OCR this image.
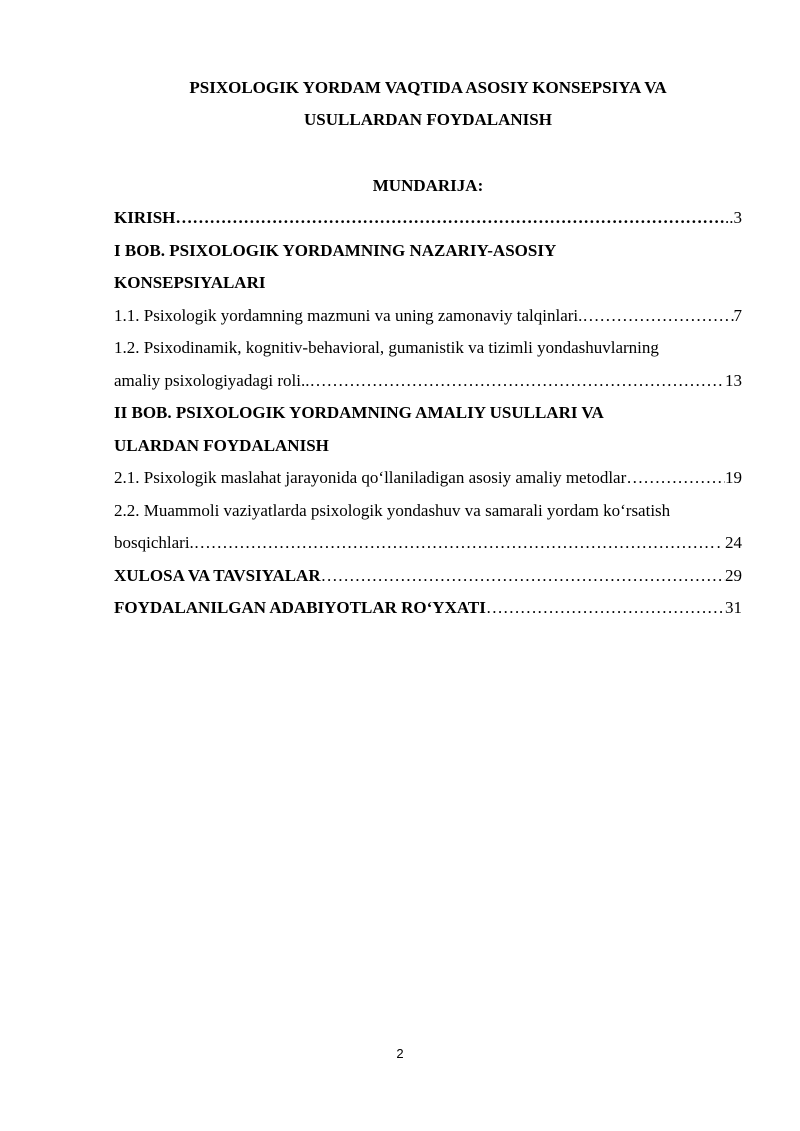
PSIXOLOGIK YORDAM VAQTIDA ASOSIY KONSEPSIYA VA

USULLARDAN FOYDALANISH

MUNDARIJA:

KIRISH ……………………………………………………………………………………………………………………………………………………………………………………	..3
I BOB. PSIXOLOGIK YORDAMNING NAZARIY-ASOSIY
KONSEPSIYALARI
1.1. Psixologik yordamning mazmuni va uning zamonaviy talqinlari. ……………………………………………………………………………………………………………………………………………………………………………………	7
1.2. Psixodinamik, kognitiv-behavioral, gumanistik va tizimli yondashuvlarning
amaliy psixologiyadagi roli.. ……………………………………………………………………………………………………………………………………………………………………………………	13
II BOB. PSIXOLOGIK YORDAMNING AMALIY USULLARI VA
ULARDAN FOYDALANISH
2.1. Psixologik maslahat jarayonida qo‘llaniladigan asosiy amaliy metodlar ……………………………………………………………………………………………………………………………………………………………………………………	19
2.2. Muammoli vaziyatlarda psixologik yondashuv va samarali yordam ko‘rsatish
bosqichlari. ……………………………………………………………………………………………………………………………………………………………………………………	. 24
XULOSA VA TAVSIYALAR ……………………………………………………………………………………………………………………………………………………………………………………	29
FOYDALANILGAN ADABIYOTLAR RO‘YXATI ……………………………………………………………………………………………………………………………………………………………………………………	31
2
